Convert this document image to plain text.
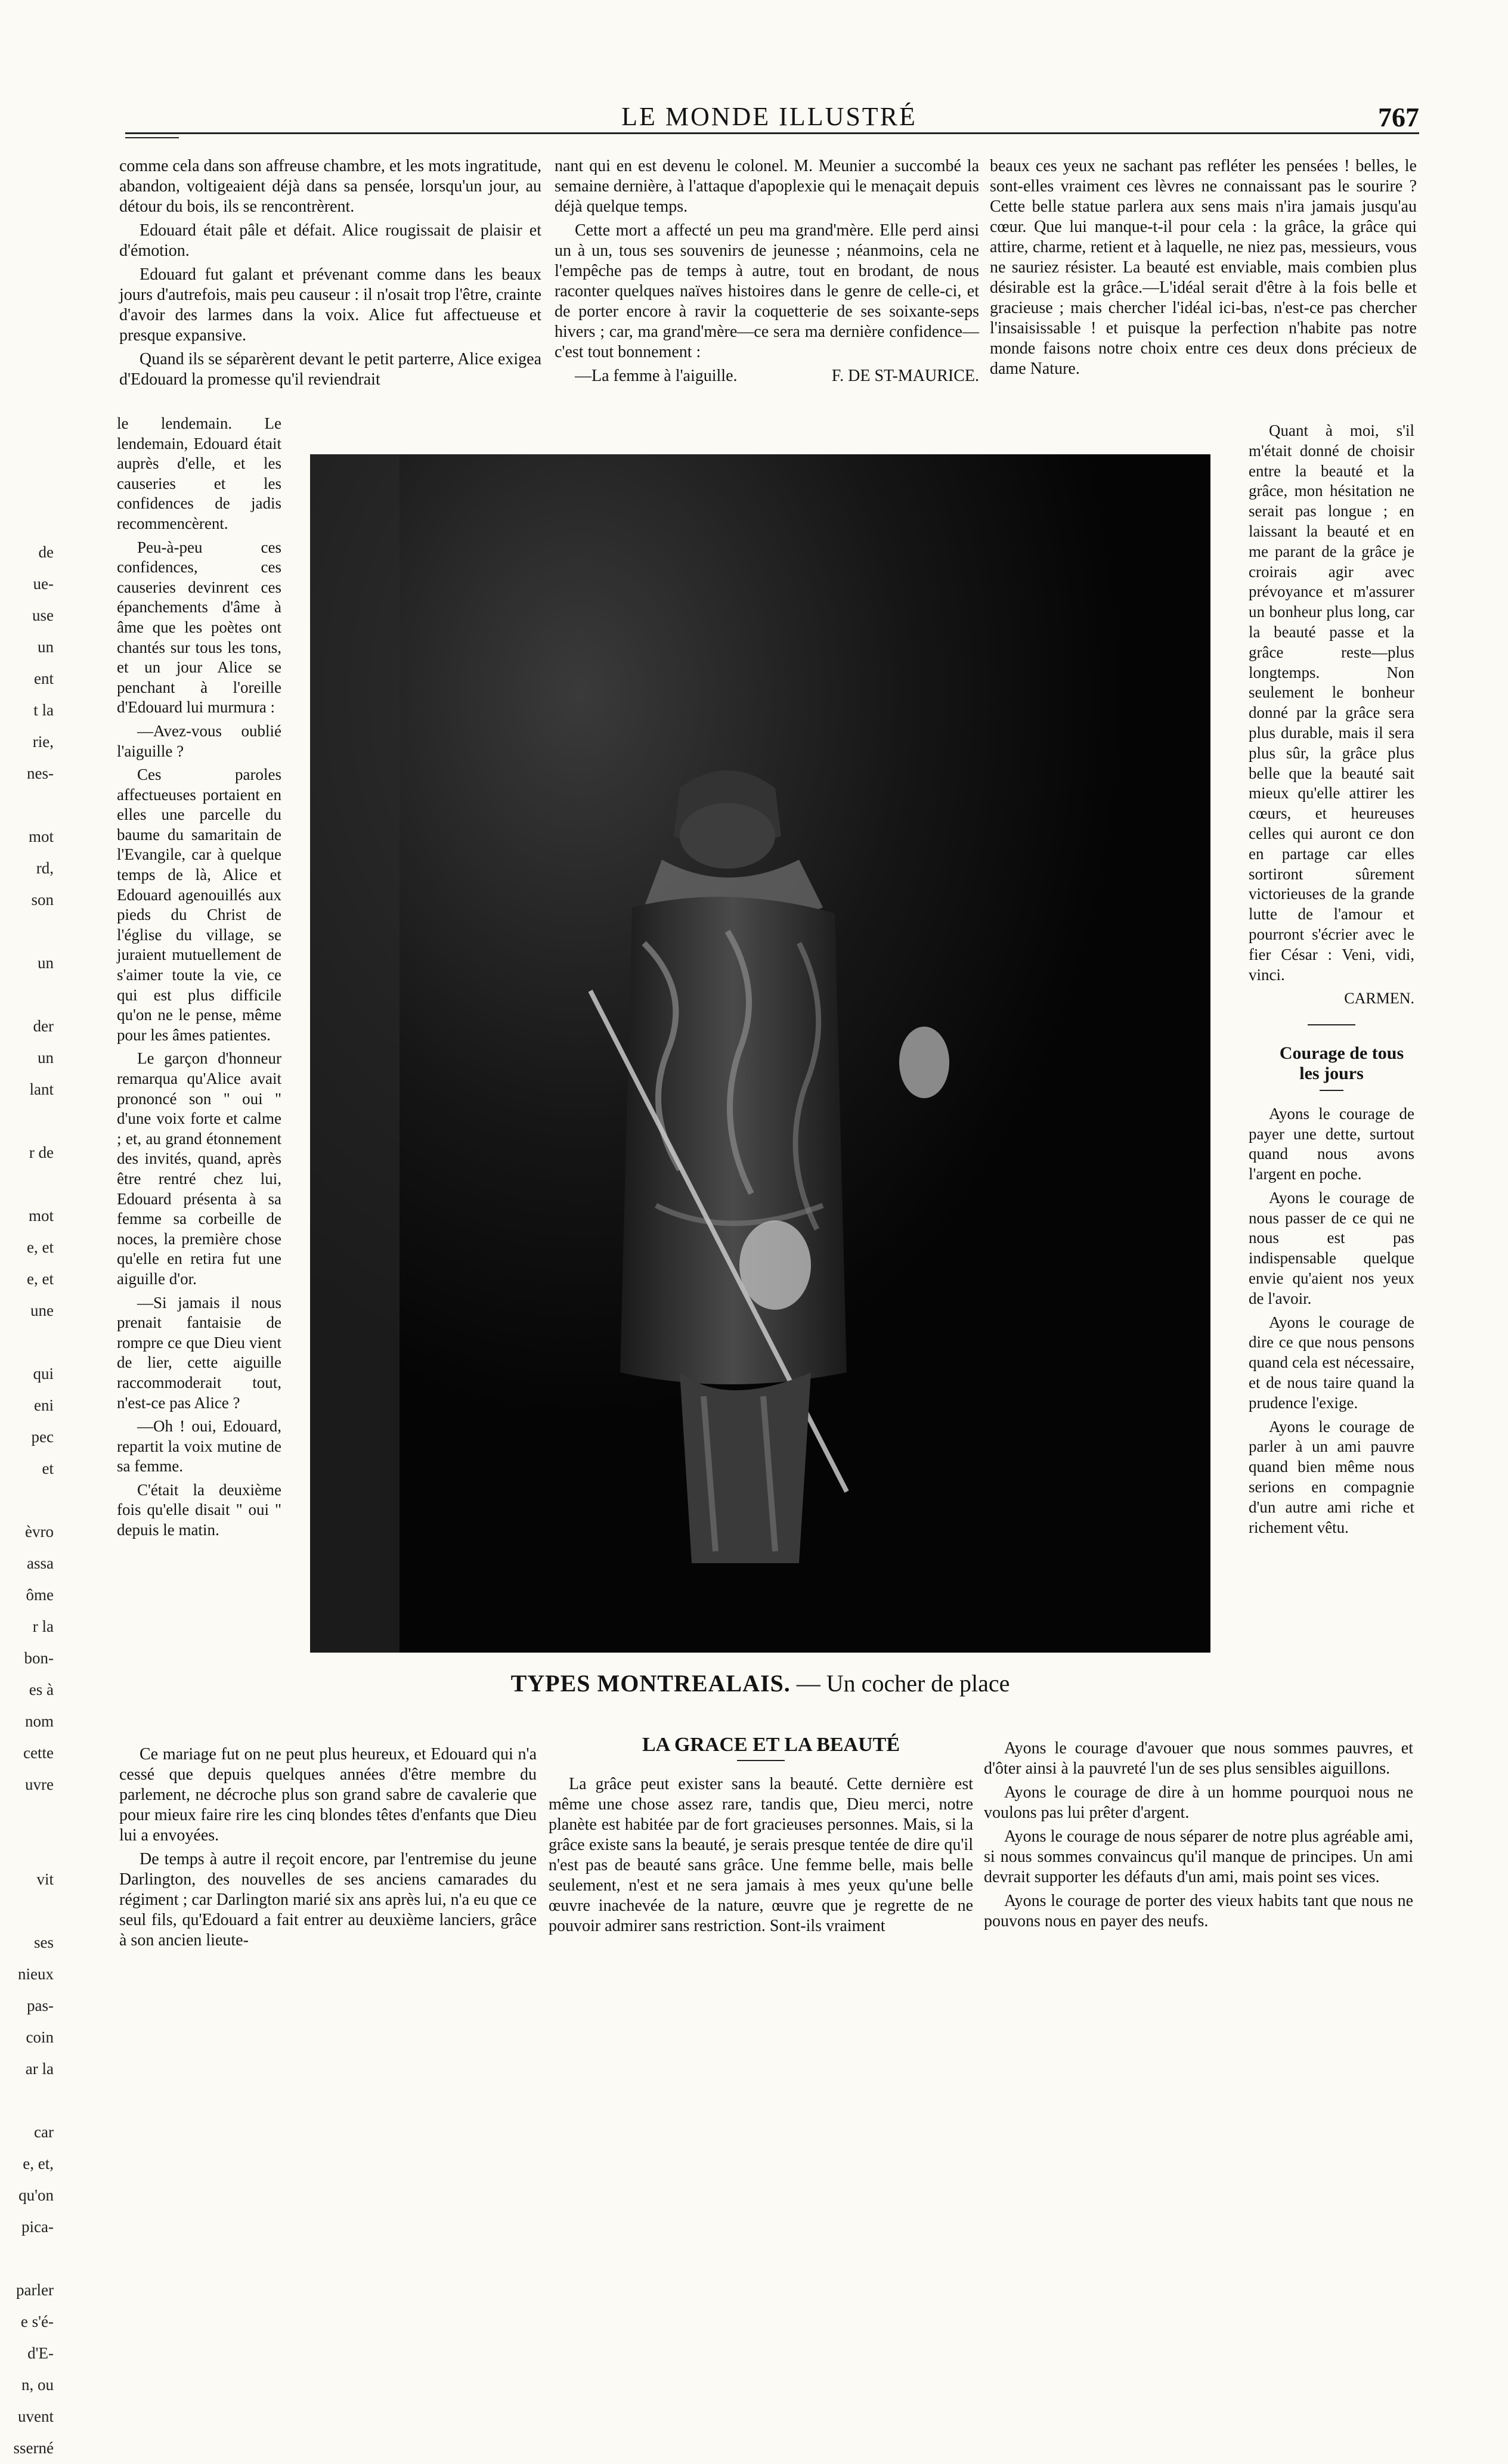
LE MONDE ILLUSTRÉ	767
de
ue-
use
un
ent
t la
rie,
nes-

mot
rd,
son

un

der
un
lant

r de

mot
e, et
e, et
une

qui
eni
pec
et

èvro
assa
ôme
r la
bon-
es à
nom
cette
uvre

vit

ses
nieux
pas-
coin
ar la

car
e, et,
qu'on
pica-

parler
e s'é-
d'E-
n, ou
uvent
sserné

comme cela dans son affreuse chambre, et les mots ingratitude, abandon, voltigeaient déjà dans sa pensée, lorsqu'un jour, au détour du bois, ils se rencontrèrent.

Edouard était pâle et défait. Alice rougissait de plaisir et d'émotion.

Edouard fut galant et prévenant comme dans les beaux jours d'autrefois, mais peu causeur : il n'osait trop l'être, crainte d'avoir des larmes dans la voix. Alice fut affectueuse et presque expansive.

Quand ils se séparèrent devant le petit parterre, Alice exigea d'Edouard la promesse qu'il reviendrait

le lendemain. Le lendemain, Edouard était auprès d'elle, et les causeries et les confidences de jadis recommencèrent.

Peu-à-peu ces confidences, ces causeries devinrent ces épanchements d'âme à âme que les poètes ont chantés sur tous les tons, et un jour Alice se penchant à l'oreille d'Edouard lui murmura :

—Avez-vous oublié l'aiguille ?

Ces paroles affectueuses portaient en elles une parcelle du baume du samaritain de l'Evangile, car à quelque temps de là, Alice et Edouard agenouillés aux pieds du Christ de l'église du village, se juraient mutuellement de s'aimer toute la vie, ce qui est plus difficile qu'on ne le pense, même pour les âmes patientes.

Le garçon d'honneur remarqua qu'Alice avait prononcé son " oui " d'une voix forte et calme ; et, au grand étonnement des invités, quand, après être rentré chez lui, Edouard présenta à sa femme sa corbeille de noces, la première chose qu'elle en retira fut une aiguille d'or.

—Si jamais il nous prenait fantaisie de rompre ce que Dieu vient de lier, cette aiguille raccommoderait tout, n'est-ce pas Alice ?

—Oh ! oui, Edouard, repartit la voix mutine de sa femme.

C'était la deuxième fois qu'elle disait " oui " depuis le matin.

Ce mariage fut on ne peut plus heureux, et Edouard qui n'a cessé que depuis quelques années d'être membre du parlement, ne décroche plus son grand sabre de cavalerie que pour mieux faire rire les cinq blondes têtes d'enfants que Dieu lui a envoyées.

De temps à autre il reçoit encore, par l'entremise du jeune Darlington, des nouvelles de ses anciens camarades du régiment ; car Darlington marié six ans après lui, n'a eu que ce seul fils, qu'Edouard a fait entrer au deuxième lanciers, grâce à son ancien lieute-

nant qui en est devenu le colonel. M. Meunier a succombé la semaine dernière, à l'attaque d'apoplexie qui le menaçait depuis déjà quelque temps.

Cette mort a affecté un peu ma grand'mère. Elle perd ainsi un à un, tous ses souvenirs de jeunesse ; néanmoins, cela ne l'empêche pas de temps à autre, tout en brodant, de nous raconter quelques naïves histoires dans le genre de celle-ci, et de porter encore à ravir la coquetterie de ses soixante-seps hivers ; car, ma grand'mère—ce sera ma dernière confidence—c'est tout bonnement :

—La femme à l'aiguille.	F. DE ST-MAURICE.

TYPES MONTREALAIS. — Un cocher de place

LA GRACE ET LA BEAUTÉ

La grâce peut exister sans la beauté. Cette dernière est même une chose assez rare, tandis que, Dieu merci, notre planète est habitée par de fort gracieuses personnes. Mais, si la grâce existe sans la beauté, je serais presque tentée de dire qu'il n'est pas de beauté sans grâce. Une femme belle, mais belle seulement, n'est et ne sera jamais à mes yeux qu'une belle œuvre inachevée de la nature, œuvre que je regrette de ne pouvoir admirer sans restriction. Sont-ils vraiment

beaux ces yeux ne sachant pas refléter les pensées ! belles, le sont-elles vraiment ces lèvres ne connaissant pas le sourire ? Cette belle statue parlera aux sens mais n'ira jamais jusqu'au cœur. Que lui manque-t-il pour cela : la grâce, la grâce qui attire, charme, retient et à laquelle, ne niez pas, messieurs, vous ne sauriez résister. La beauté est enviable, mais combien plus désirable est la grâce.—L'idéal serait d'être à la fois belle et gracieuse ; mais chercher l'idéal ici-bas, n'est-ce pas chercher l'insaisissable ! et puisque la perfection n'habite pas notre monde faisons notre choix entre ces deux dons précieux de dame Nature.

Quant à moi, s'il m'était donné de choisir entre la beauté et la grâce, mon hésitation ne serait pas longue ; en laissant la beauté et en me parant de la grâce je croirais agir avec prévoyance et m'assurer un bonheur plus long, car la beauté passe et la grâce reste—plus longtemps. Non seulement le bonheur donné par la grâce sera plus durable, mais il sera plus sûr, la grâce plus belle que la beauté sait mieux qu'elle attirer les cœurs, et heureuses celles qui auront ce don en partage car elles sortiront sûrement victorieuses de la grande lutte de l'amour et pourront s'écrier avec le fier César : Veni, vidi, vinci.

CARMEN.

Courage de tous les jours

Ayons le courage de payer une dette, surtout quand nous avons l'argent en poche.

Ayons le courage de nous passer de ce qui ne nous est pas indispensable quelque envie qu'aient nos yeux de l'avoir.

Ayons le courage de dire ce que nous pensons quand cela est nécessaire, et de nous taire quand la prudence l'exige.

Ayons le courage de parler à un ami pauvre quand bien même nous serions en compagnie d'un autre ami riche et richement vêtu.

Ayons le courage d'avouer que nous sommes pauvres, et d'ôter ainsi à la pauvreté l'un de ses plus sensibles aiguillons.

Ayons le courage de dire à un homme pourquoi nous ne voulons pas lui prêter d'argent.

Ayons le courage de nous séparer de notre plus agréable ami, si nous sommes convaincus qu'il manque de principes. Un ami devrait supporter les défauts d'un ami, mais point ses vices.

Ayons le courage de porter des vieux habits tant que nous ne pouvons nous en payer des neufs.
